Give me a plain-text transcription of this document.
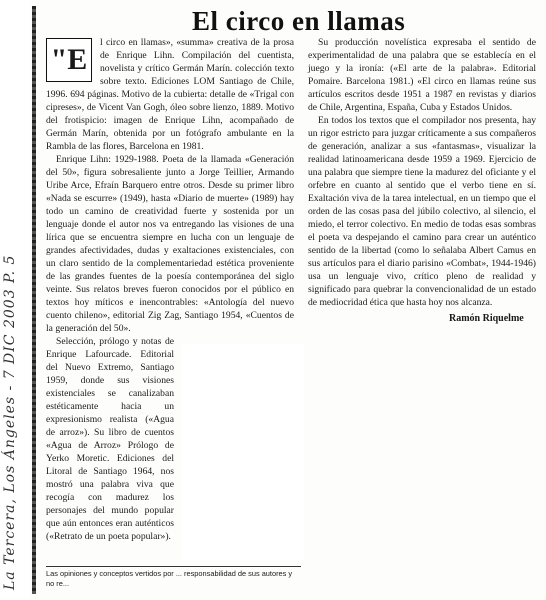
La Tercera, Los Ángeles - 7 DIC 2003 P. 5
El circo en llamas
"E

l circo en llamas», «summa» creativa de la prosa de Enrique Lihn. Compilación del cuentista, novelista y crítico Germán Marín. colección texto sobre texto. Ediciones LOM Santiago de Chile, 1996. 694 páginas. Motivo de la cubierta: detalle de «Trigal con cipreses», de Vicent Van Gogh, óleo sobre lienzo, 1889. Motivo del frotispicio: imagen de Enrique Lihn, acompañado de Germán Marín, obtenida por un fotógrafo ambulante en la Rambla de las flores, Barcelona en 1981.

Enrique Lihn: 1929-1988. Poeta de la llamada «Generación del 50», figura sobresaliente junto a Jorge Teillier, Armando Uribe Arce, Efraín Barquero entre otros. Desde su primer libro «Nada se escurre» (1949), hasta «Diario de muerte» (1989) hay todo un camino de creatividad fuerte y sostenida por un lenguaje donde el autor nos va entregando las visiones de una lírica que se encuentra siempre en lucha con un lenguaje de grandes afectividades, dudas y exaltaciones existenciales, con un claro sentido de la complementariedad estética proveniente de las grandes fuentes de la poesía contemporánea del siglo veinte. Sus relatos breves fueron conocidos por el público en textos hoy míticos e inencontrables: «Antología del nuevo cuento chileno», editorial Zig Zag, Santiago 1954, «Cuentos de la generación del 50».

Selección, prólogo y notas de Enrique Lafourcade. Editorial del Nuevo Extremo, Santiago 1959, donde sus visiones existenciales se canalizaban estéticamente hacia un expresionismo realista («Agua de arroz»). Su libro de cuentos «Agua de Arroz» Prólogo de Yerko Moretic. Ediciones del Litoral de Santiago 1964, nos mostró una palabra viva que recogía con madurez los personajes del mundo popular que aún entonces eran auténticos («Retrato de un poeta popular»).

Su producción novelística expresaba el sentido de experimentalidad de una palabra que se establecía en el juego y la ironía: («El arte de la palabra». Editorial Pomaire. Barcelona 1981.) «El circo en llamas reúne sus artículos escritos desde 1951 a 1987 en revistas y diarios de Chile, Argentina, España, Cuba y Estados Unidos.

En todos los textos que el compilador nos presenta, hay un rigor estricto para juzgar críticamente a sus compañeros de generación, analizar a sus «fantasmas», visualizar la realidad latinoamericana desde 1959 a 1969. Ejercicio de una palabra que siempre tiene la madurez del oficiante y el orfebre en cuanto al sentido que el verbo tiene en sí. Exaltación viva de la tarea intelectual, en un tiempo que el orden de las cosas pasa del júbilo colectivo, al silencio, el miedo, el terror colectivo. En medio de todas esas sombras el poeta va despejando el camino para crear un auténtico sentido de la libertad (como lo señalaba Albert Camus en sus artículos para el diario parisino «Combat», 1944-1946) usa un lenguaje vivo, crítico pleno de realidad y significado para quebrar la convencionalidad de un estado de mediocridad ética que hasta hoy nos alcanza.

Ramón Riquelme
Las opiniones y conceptos vertidos por ... responsabilidad de sus autores y no re...
